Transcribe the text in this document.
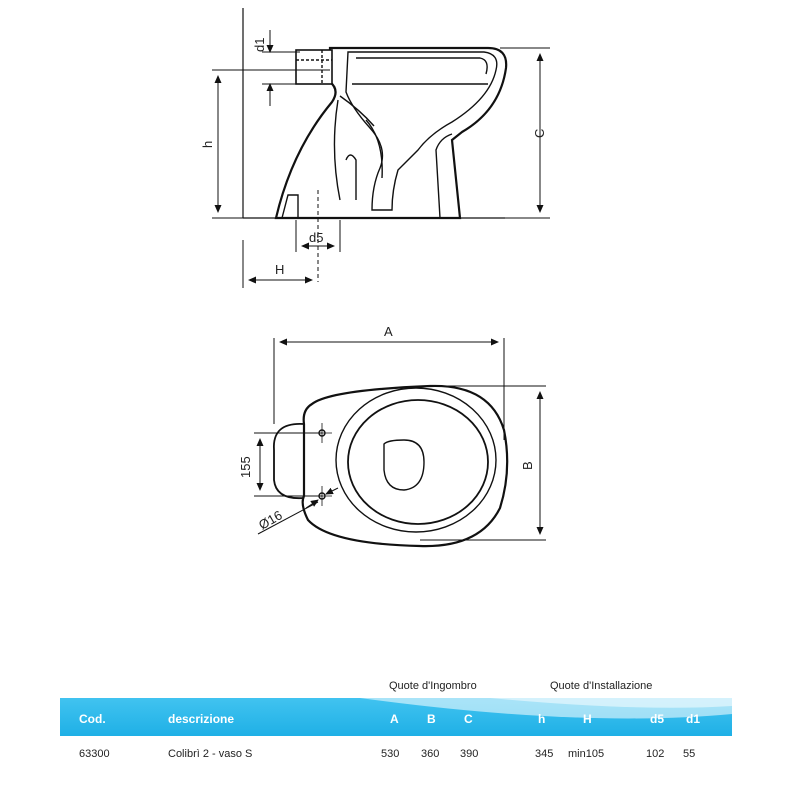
d1
h
C
d5
H
A
B
155
Ø16
Quote d'Ingombro	Quote d'Installazione
Cod.	descrizione	A B C	h	H	d5 d1
63300	Colibrì 2 - vaso S	530 360 390	345 min105	102 55
